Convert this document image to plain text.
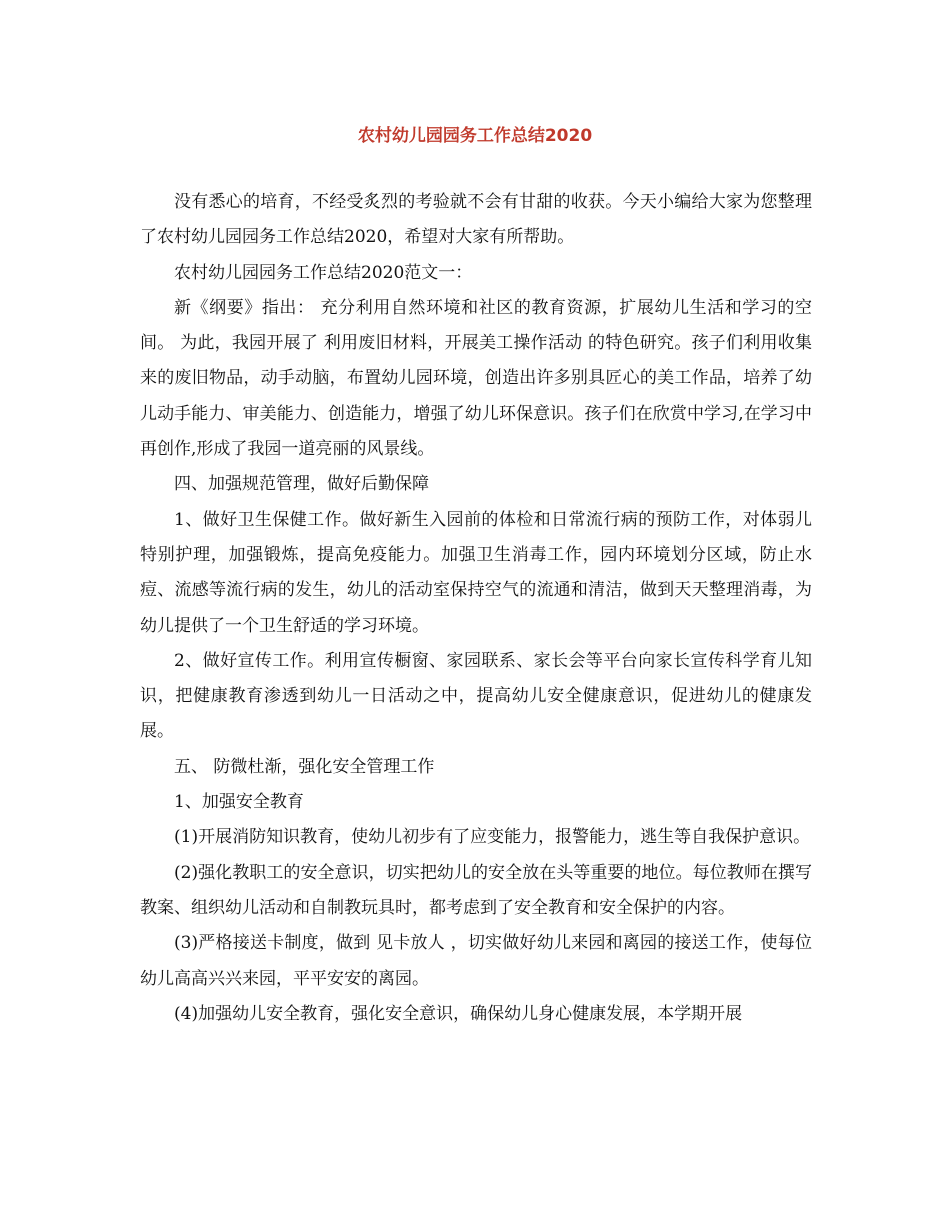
农村幼儿园园务工作总结2020

没有悉心的培育，不经受炙烈的考验就不会有甘甜的收获。今天小编给大家为您整理了农村幼儿园园务工作总结2020，希望对大家有所帮助。

农村幼儿园园务工作总结2020范文一：

新《纲要》指出： 充分利用自然环境和社区的教育资源，扩展幼儿生活和学习的空间。 为此，我园开展了 利用废旧材料，开展美工操作活动 的特色研究。孩子们利用收集来的废旧物品，动手动脑，布置幼儿园环境，创造出许多别具匠心的美工作品，培养了幼儿动手能力、审美能力、创造能力，增强了幼儿环保意识。孩子们在欣赏中学习,在学习中再创作,形成了我园一道亮丽的风景线。

四、加强规范管理，做好后勤保障

1、做好卫生保健工作。做好新生入园前的体检和日常流行病的预防工作，对体弱儿特别护理，加强锻炼，提高免疫能力。加强卫生消毒工作，园内环境划分区域，防止水痘、流感等流行病的发生，幼儿的活动室保持空气的流通和清洁，做到天天整理消毒，为幼儿提供了一个卫生舒适的学习环境。

2、做好宣传工作。利用宣传橱窗、家园联系、家长会等平台向家长宣传科学育儿知识，把健康教育渗透到幼儿一日活动之中，提高幼儿安全健康意识，促进幼儿的健康发展。

五、 防微杜渐，强化安全管理工作

1、加强安全教育

(1)开展消防知识教育，使幼儿初步有了应变能力，报警能力，逃生等自我保护意识。

(2)强化教职工的安全意识，切实把幼儿的安全放在头等重要的地位。每位教师在撰写教案、组织幼儿活动和自制教玩具时，都考虑到了安全教育和安全保护的内容。

(3)严格接送卡制度，做到 见卡放人 ，切实做好幼儿来园和离园的接送工作，使每位幼儿高高兴兴来园，平平安安的离园。

(4)加强幼儿安全教育，强化安全意识，确保幼儿身心健康发展，本学期开展
